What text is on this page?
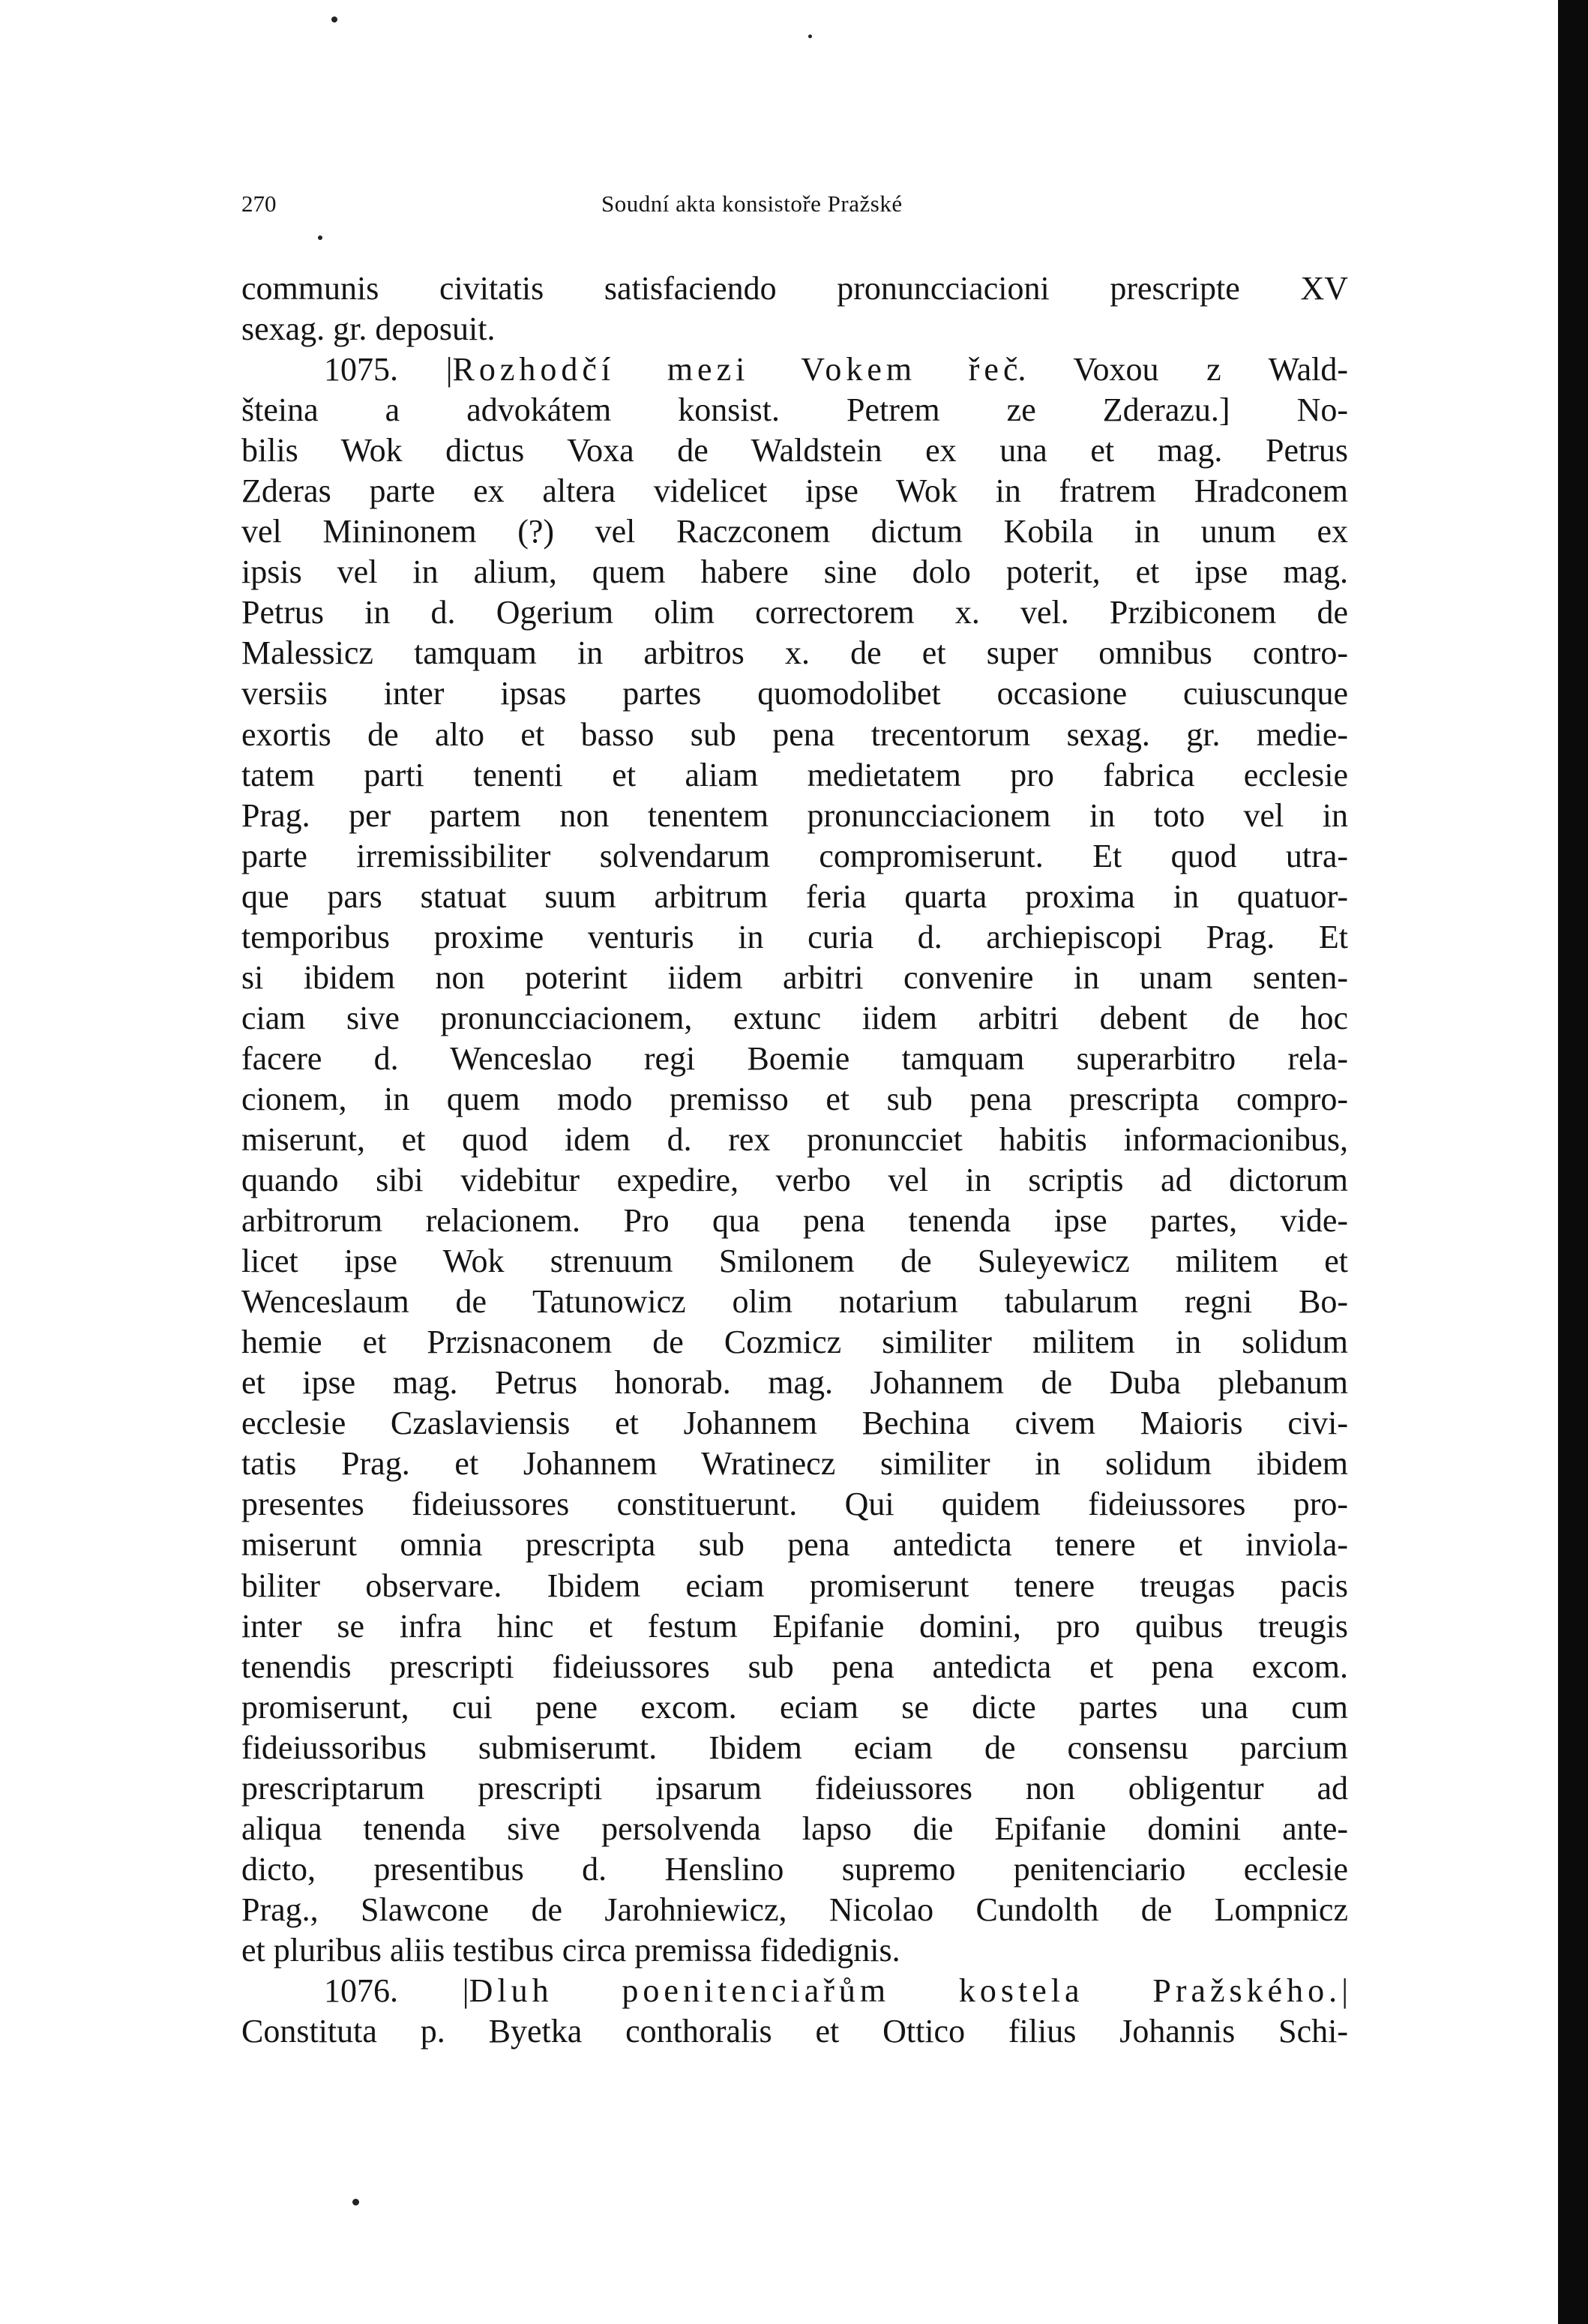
270	Soudní akta konsistoře Pražské
communis civitatis satisfaciendo pronuncciacioni prescripte XV
sexag. gr. deposuit.
1075. |Rozhodčí mezi Vokem řeč. Voxou z Wald-
šteina a advokátem konsist. Petrem ze Zderazu.] No-
bilis Wok dictus Voxa de Waldstein ex una et mag. Petrus
Zderas parte ex altera videlicet ipse Wok in fratrem Hradconem
vel Mininonem (?) vel Raczconem dictum Kobila in unum ex
ipsis vel in alium, quem habere sine dolo poterit, et ipse mag.
Petrus in d. Ogerium olim correctorem x. vel. Przibiconem de
Malessicz tamquam in arbitros x. de et super omnibus contro-
versiis inter ipsas partes quomodolibet occasione cuiuscunque
exortis de alto et basso sub pena trecentorum sexag. gr. medie-
tatem parti tenenti et aliam medietatem pro fabrica ecclesie
Prag. per partem non tenentem pronuncciacionem in toto vel in
parte irremissibiliter solvendarum compromiserunt. Et quod utra-
que pars statuat suum arbitrum feria quarta proxima in quatuor-
temporibus proxime venturis in curia d. archiepiscopi Prag. Et
si ibidem non poterint iidem arbitri convenire in unam senten-
ciam sive pronuncciacionem, extunc iidem arbitri debent de hoc
facere d. Wenceslao regi Boemie tamquam superarbitro rela-
cionem, in quem modo premisso et sub pena prescripta compro-
miserunt, et quod idem d. rex pronuncciet habitis informacionibus,
quando sibi videbitur expedire, verbo vel in scriptis ad dictorum
arbitrorum relacionem. Pro qua pena tenenda ipse partes, vide-
licet ipse Wok strenuum Smilonem de Suleyewicz militem et
Wenceslaum de Tatunowicz olim notarium tabularum regni Bo-
hemie et Przisnaconem de Cozmicz similiter militem in solidum
et ipse mag. Petrus honorab. mag. Johannem de Duba plebanum
ecclesie Czaslaviensis et Johannem Bechina civem Maioris civi-
tatis Prag. et Johannem Wratinecz similiter in solidum ibidem
presentes fideiussores constituerunt. Qui quidem fideiussores pro-
miserunt omnia prescripta sub pena antedicta tenere et inviola-
biliter observare. Ibidem eciam promiserunt tenere treugas pacis
inter se infra hinc et festum Epifanie domini, pro quibus treugis
tenendis prescripti fideiussores sub pena antedicta et pena excom.
promiserunt, cui pene excom. eciam se dicte partes una cum
fideiussoribus submiserumt. Ibidem eciam de consensu parcium
prescriptarum prescripti ipsarum fideiussores non obligentur ad
aliqua tenenda sive persolvenda lapso die Epifanie domini ante-
dicto, presentibus d. Henslino supremo penitenciario ecclesie
Prag., Slawcone de Jarohniewicz, Nicolao Cundolth de Lompnicz
et pluribus aliis testibus circa premissa fidedignis.
1076. |Dluh poenitenciařům kostela Pražského.|
Constituta p. Byetka conthoralis et Ottico filius Johannis Schi-
